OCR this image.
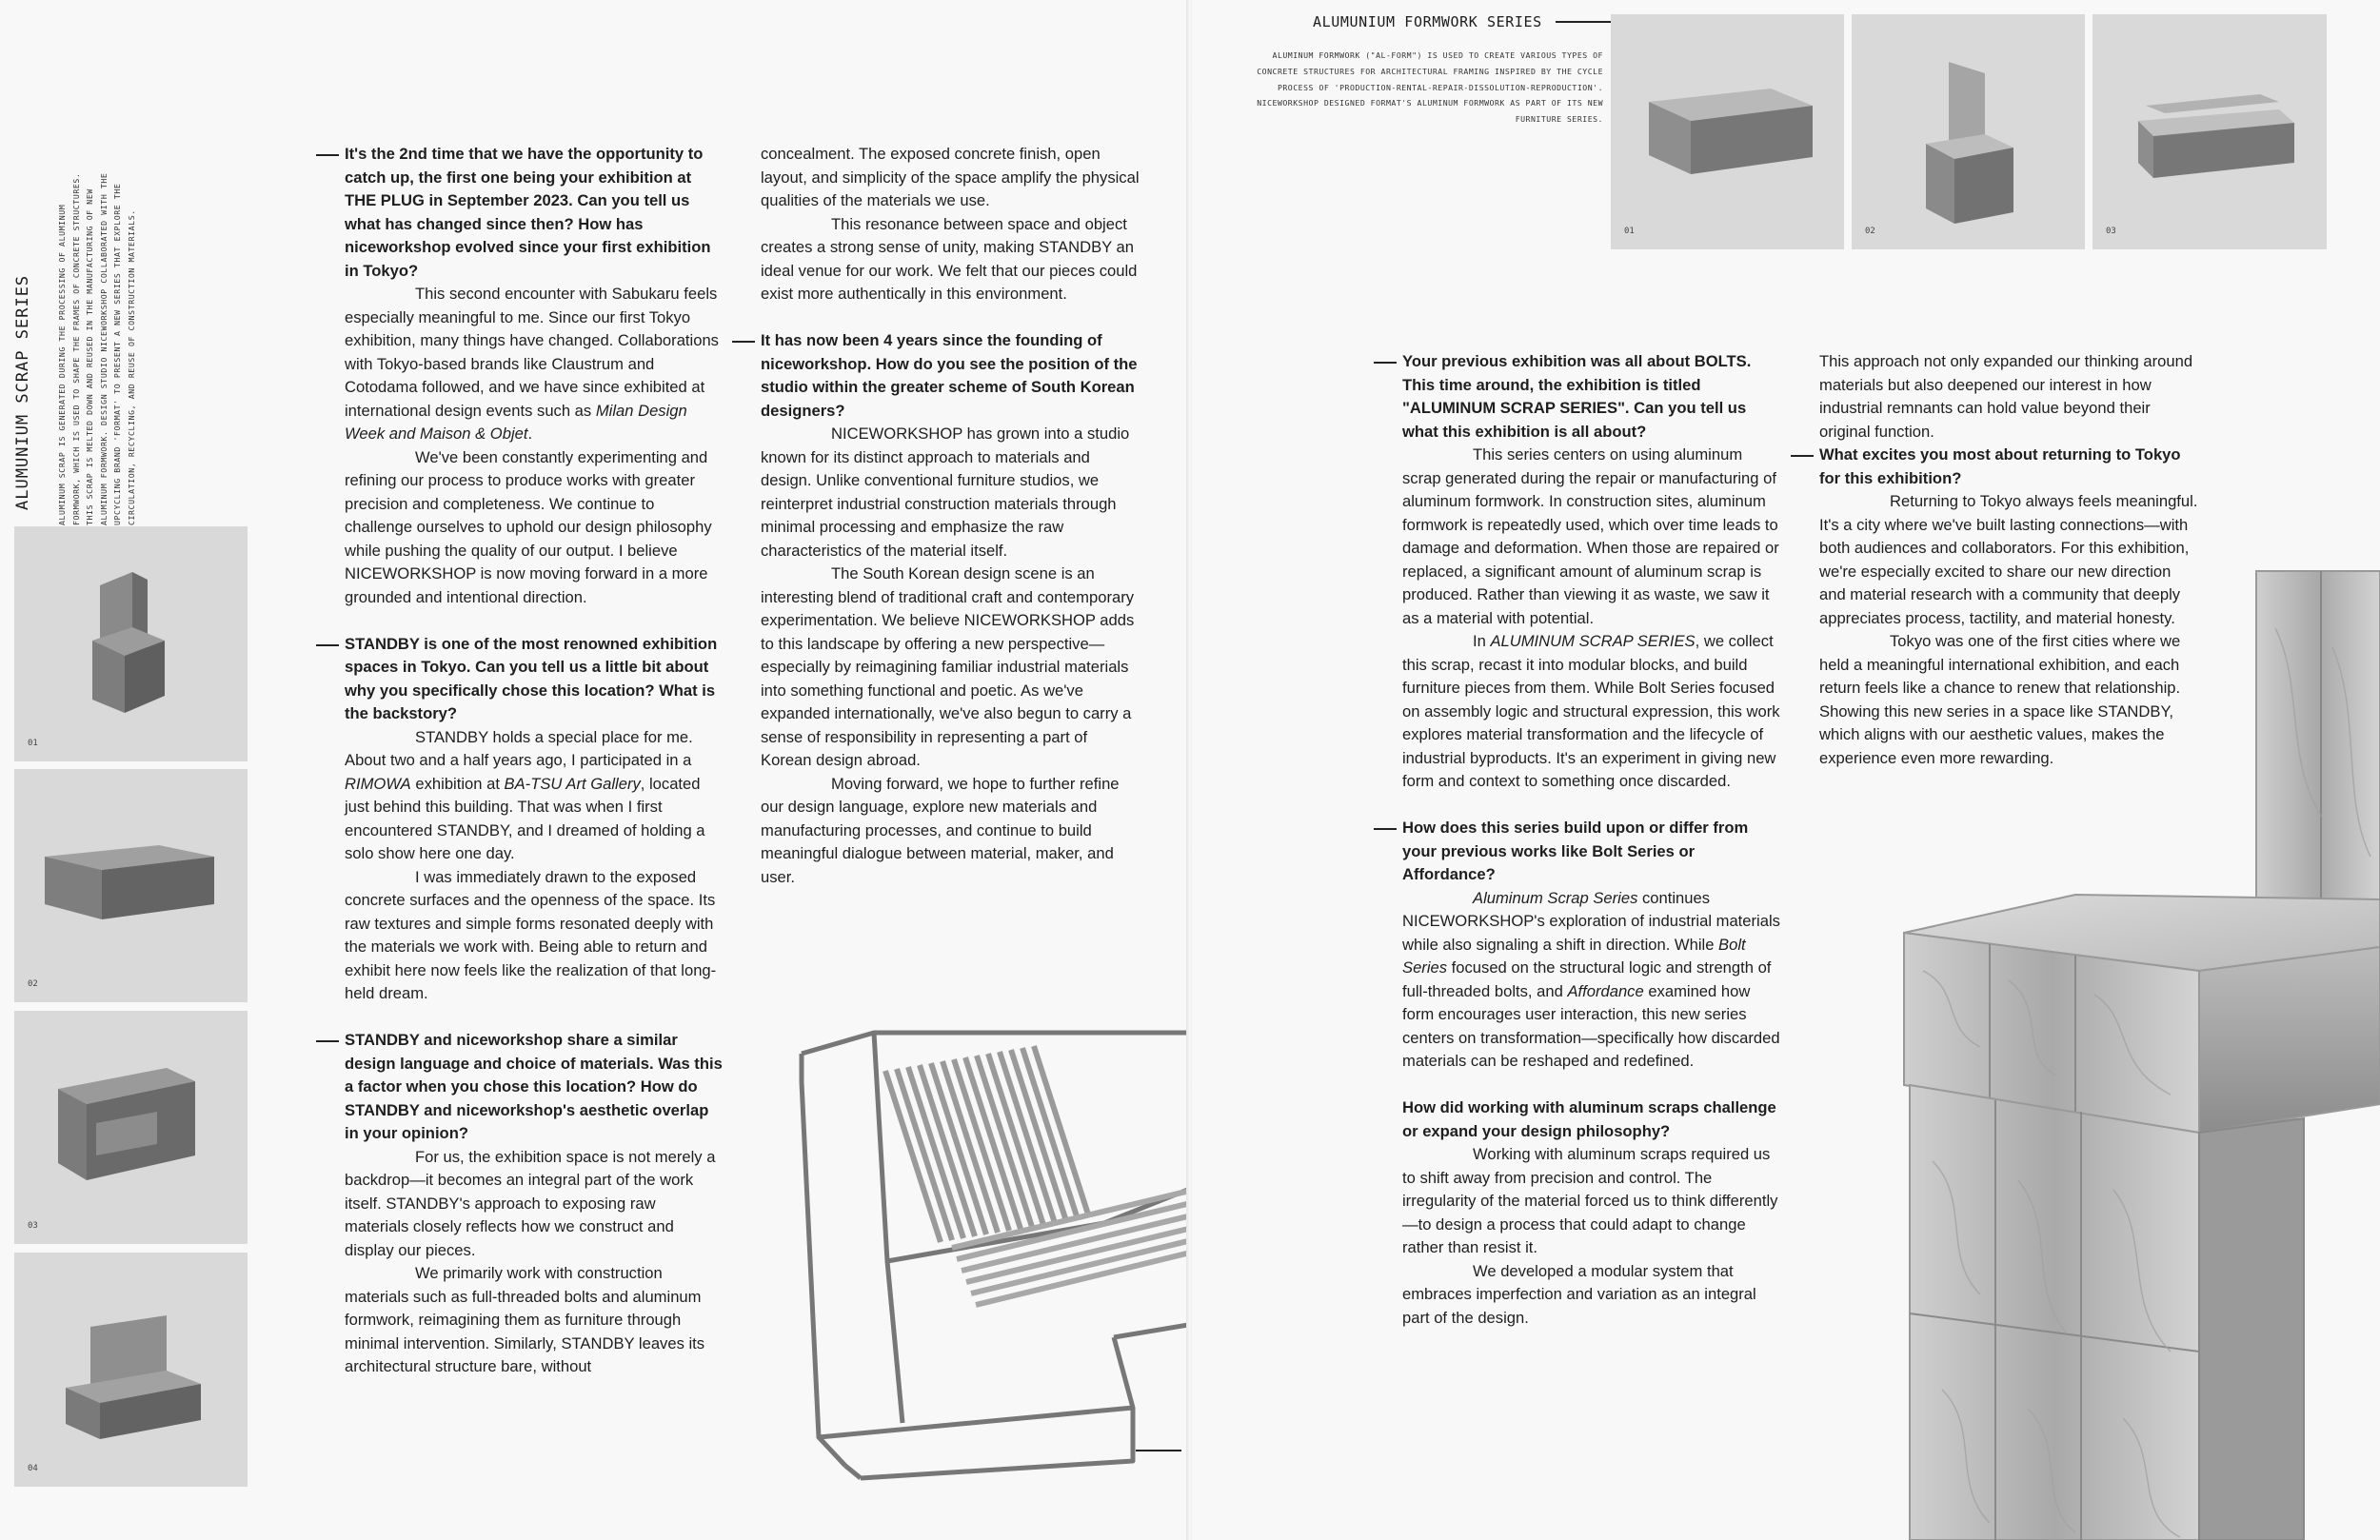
ALUMUNIUM SCRAP SERIES	ALUMINUM SCRAP IS GENERATED DURING THE PROCESSING OF ALUMINUM FORMWORK, WHICH IS USED TO SHAPE THE FRAMES OF CONCRETE STRUCTURES. THIS SCRAP IS MELTED DOWN AND REUSED IN THE MANUFACTURING OF NEW ALUMINUM FORMWORK. DESIGN STUDIO NICEWORKSHOP COLLABORATED WITH THE UPCYCLING BRAND 'FORMAT' TO PRESENT A NEW SERIES THAT EXPLORE THE CIRCULATION, RECYCLING, AND REUSE OF CONSTRUCTION MATERIALS.
01
02
03
04

It's the 2nd time that we have the opportunity to catch up, the first one being your exhibition at THE PLUG in September 2023. Can you tell us what has changed since then? How has niceworkshop evolved since your first exhibition in Tokyo?

This second encounter with Sabukaru feels especially meaningful to me. Since our first Tokyo exhibition, many things have changed. Collaborations with Tokyo-based brands like Claustrum and Cotodama followed, and we have since exhibited at international design events such as Milan Design Week and Maison & Objet.

We've been constantly experimenting and refining our process to produce works with greater precision and completeness. We continue to challenge ourselves to uphold our design philosophy while pushing the quality of our output. I believe NICEWORKSHOP is now moving forward in a more grounded and intentional direction.

STANDBY is one of the most renowned exhibition spaces in Tokyo. Can you tell us a little bit about why you specifically chose this location? What is the backstory?

STANDBY holds a special place for me. About two and a half years ago, I participated in a RIMOWA exhibition at BA-TSU Art Gallery, located just behind this building. That was when I first encountered STANDBY, and I dreamed of holding a solo show here one day.

I was immediately drawn to the exposed concrete surfaces and the openness of the space. Its raw textures and simple forms resonated deeply with the materials we work with. Being able to return and exhibit here now feels like the realization of that long-held dream.

STANDBY and niceworkshop share a similar design language and choice of materials. Was this a factor when you chose this location? How do STANDBY and niceworkshop's aesthetic overlap in your opinion?

For us, the exhibition space is not merely a backdrop—it becomes an integral part of the work itself. STANDBY's approach to exposing raw materials closely reflects how we construct and display our pieces.

We primarily work with construction materials such as full-threaded bolts and aluminum formwork, reimagining them as furniture through minimal intervention. Similarly, STANDBY leaves its architectural structure bare, without

concealment. The exposed concrete finish, open layout, and simplicity of the space amplify the physical qualities of the materials we use.

This resonance between space and object creates a strong sense of unity, making STANDBY an ideal venue for our work. We felt that our pieces could exist more authentically in this environment.

It has now been 4 years since the founding of niceworkshop. How do you see the position of the studio within the greater scheme of South Korean designers?

NICEWORKSHOP has grown into a studio known for its distinct approach to materials and design. Unlike conventional furniture studios, we reinterpret industrial construction materials through minimal processing and emphasize the raw characteristics of the material itself.

The South Korean design scene is an interesting blend of traditional craft and contemporary experimentation. We believe NICEWORKSHOP adds to this landscape by offering a new perspective—especially by reimagining familiar industrial materials into something functional and poetic. As we've expanded internationally, we've also begun to carry a sense of responsibility in representing a part of Korean design abroad.

Moving forward, we hope to further refine our design language, explore new materials and manufacturing processes, and continue to build meaningful dialogue between material, maker, and user.

ALUMUNIUM FORMWORK SERIES
ALUMINUM FORMWORK ("AL-FORM") IS USED TO CREATE VARIOUS TYPES OF CONCRETE STRUCTURES FOR ARCHITECTURAL FRAMING INSPIRED BY THE CYCLE PROCESS OF 'PRODUCTION-RENTAL-REPAIR-DISSOLUTION-REPRODUCTION'. NICEWORKSHOP DESIGNED FORMAT'S ALUMINUM FORMWORK AS PART OF ITS NEW FURNITURE SERIES.
01	02	03

Your previous exhibition was all about BOLTS. This time around, the exhibition is titled "ALUMINUM SCRAP SERIES". Can you tell us what this exhibition is all about?

This series centers on using aluminum scrap generated during the repair or manufacturing of aluminum formwork. In construction sites, aluminum formwork is repeatedly used, which over time leads to damage and deformation. When those are repaired or replaced, a significant amount of aluminum scrap is produced. Rather than viewing it as waste, we saw it as a material with potential.

In ALUMINUM SCRAP SERIES, we collect this scrap, recast it into modular blocks, and build furniture pieces from them. While Bolt Series focused on assembly logic and structural expression, this work explores material transformation and the lifecycle of industrial byproducts. It's an experiment in giving new form and context to something once discarded.

How does this series build upon or differ from your previous works like Bolt Series or Affordance?

Aluminum Scrap Series continues NICEWORKSHOP's exploration of industrial materials while also signaling a shift in direction. While Bolt Series focused on the structural logic and strength of full-threaded bolts, and Affordance examined how form encourages user interaction, this new series centers on transformation—specifically how discarded materials can be reshaped and redefined.

How did working with aluminum scraps challenge or expand your design philosophy?

Working with aluminum scraps required us to shift away from precision and control. The irregularity of the material forced us to think differently—to design a process that could adapt to change rather than resist it.

We developed a modular system that embraces imperfection and variation as an integral part of the design.

This approach not only expanded our thinking around materials but also deepened our interest in how industrial remnants can hold value beyond their original function.

What excites you most about returning to Tokyo for this exhibition?

Returning to Tokyo always feels meaningful. It's a city where we've built lasting connections—with both audiences and collaborators. For this exhibition, we're especially excited to share our new direction and material research with a community that deeply appreciates process, tactility, and material honesty.

Tokyo was one of the first cities where we held a meaningful international exhibition, and each return feels like a chance to renew that relationship. Showing this new series in a space like STANDBY, which aligns with our aesthetic values, makes the experience even more rewarding.
